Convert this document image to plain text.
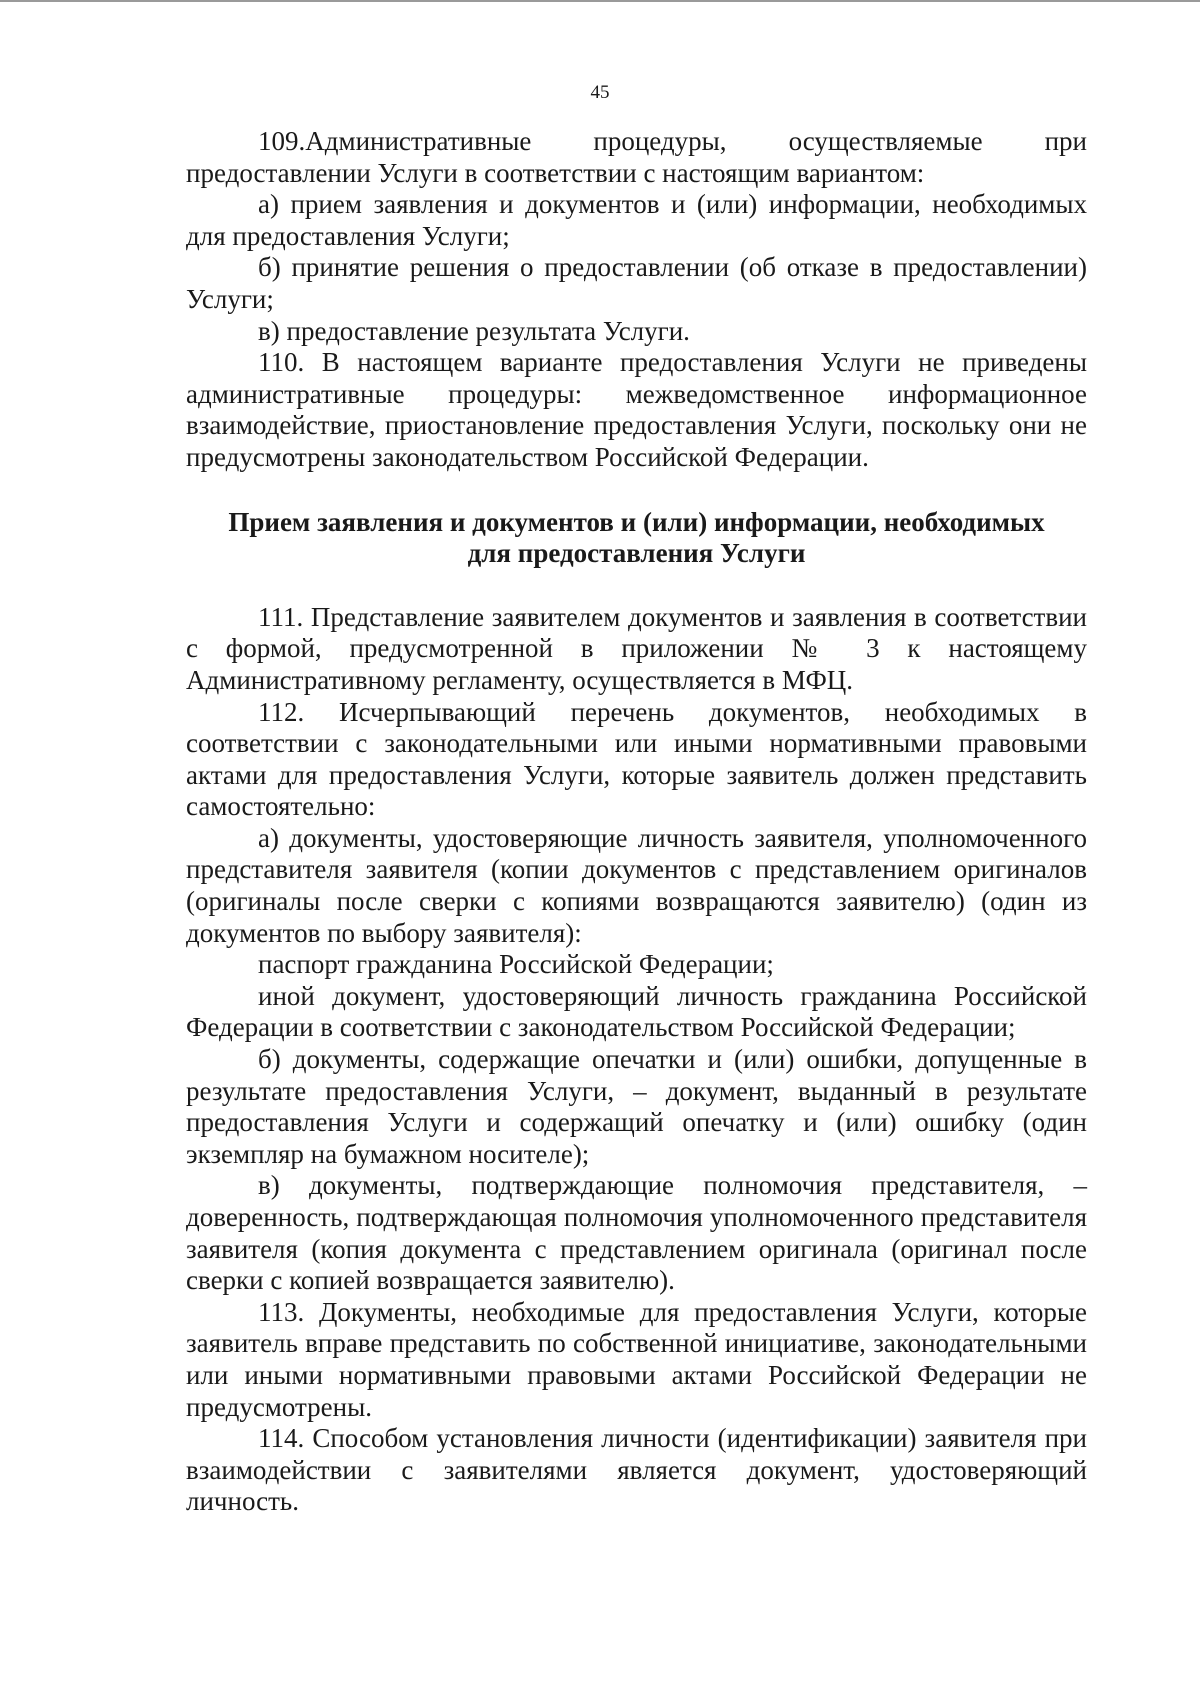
45

109.Административные процедуры, осуществляемые при предоставлении Услуги в соответствии с настоящим вариантом:

а) прием заявления и документов и (или) информации, необходимых для предоставления Услуги;

б) принятие решения о предоставлении (об отказе в предоставлении) Услуги;

в) предоставление результата Услуги.

110. В настоящем варианте предоставления Услуги не приведены административные процедуры: межведомственное информационное взаимодействие, приостановление предоставления Услуги, поскольку они не предусмотрены законодательством Российской Федерации.

Прием заявления и документов и (или) информации, необходимых
для предоставления Услуги

111. Представление заявителем документов и заявления в соответствии с формой, предусмотренной в приложении № 3 к настоящему Административному регламенту, осуществляется в МФЦ.

112. Исчерпывающий перечень документов, необходимых в соответствии с законодательными или иными нормативными правовыми актами для предоставления Услуги, которые заявитель должен представить самостоятельно:

а) документы, удостоверяющие личность заявителя, уполномоченного представителя заявителя (копии документов с представлением оригиналов (оригиналы после сверки с копиями возвращаются заявителю) (один из документов по выбору заявителя):

паспорт гражданина Российской Федерации;

иной документ, удостоверяющий личность гражданина Российской Федерации в соответствии с законодательством Российской Федерации;

б) документы, содержащие опечатки и (или) ошибки, допущенные в результате предоставления Услуги, – документ, выданный в результате предоставления Услуги и содержащий опечатку и (или) ошибку (один экземпляр на бумажном носителе);

в) документы, подтверждающие полномочия представителя, – доверенность, подтверждающая полномочия уполномоченного представителя заявителя (копия документа с представлением оригинала (оригинал после сверки с копией возвращается заявителю).

113. Документы, необходимые для предоставления Услуги, которые заявитель вправе представить по собственной инициативе, законодательными или иными нормативными правовыми актами Российской Федерации не предусмотрены.

114. Способом установления личности (идентификации) заявителя при взаимодействии с заявителями является документ, удостоверяющий личность.
